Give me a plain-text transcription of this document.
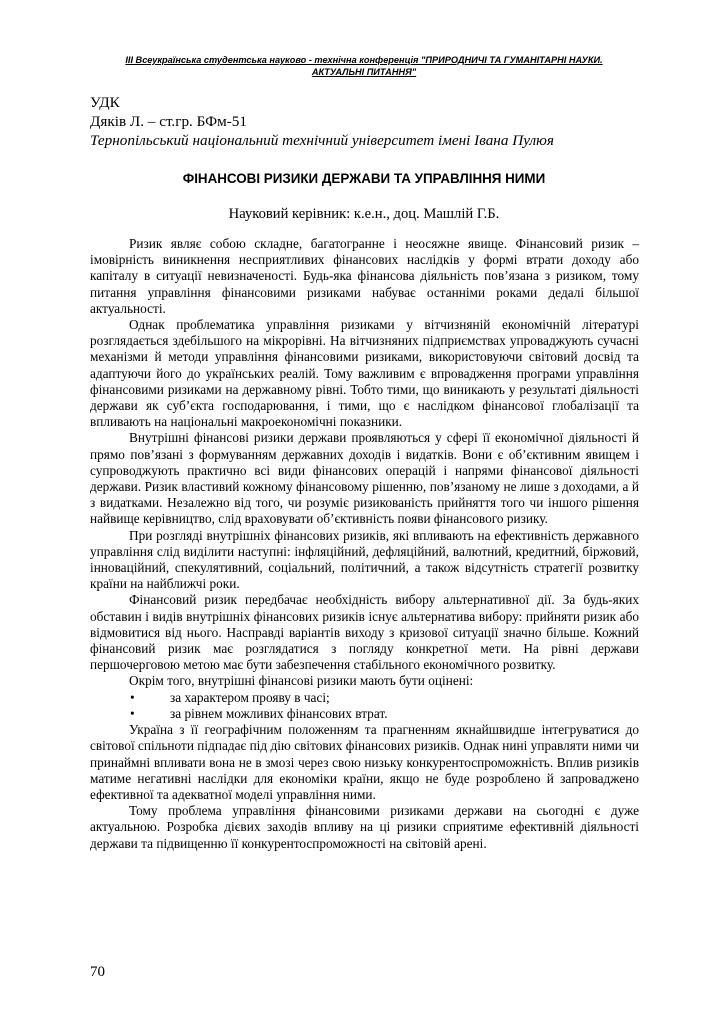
ІІІ Всеукраїнська студентська науково - технічна конференція "ПРИРОДНИЧІ ТА ГУМАНІТАРНІ НАУКИ.
АКТУАЛЬНІ ПИТАННЯ"
УДК
Дяків Л. – ст.гр. БФм-51
Тернопільський національний технічний університет імені Івана Пулюя
ФІНАНСОВІ РИЗИКИ ДЕРЖАВИ ТА УПРАВЛІННЯ НИМИ
Науковий керівник: к.е.н., доц. Машлій Г.Б.

Ризик являє собою складне, багатогранне і неосяжне явище. Фінансовий ризик – імовірність виникнення несприятливих фінансових наслідків у формі втрати доходу або капіталу в ситуації невизначеності. Будь-яка фінансова діяльність пов’язана з ризиком, тому питання управління фінансовими ризиками набуває останніми роками дедалі більшої актуальності.

Однак проблематика управління ризиками у вітчизняній економічній літературі розглядається здебільшого на мікрорівні. На вітчизняних підприємствах упроваджують сучасні механізми й методи управління фінансовими ризиками, використовуючи світовий досвід та адаптуючи його до українських реалій. Тому важливим є впровадження програми управління фінансовими ризиками на державному рівні. Тобто тими, що виникають у результаті діяльності держави як суб’єкта господарювання, і тими, що є наслідком фінансової глобалізації та впливають на національні макроекономічні показники.

Внутрішні фінансові ризики держави проявляються у сфері її економічної діяльності й прямо пов’язані з формуванням державних доходів і видатків. Вони є об’єктивним явищем і супроводжують практично всі види фінансових операцій і напрями фінансової діяльності держави. Ризик властивий кожному фінансовому рішенню, пов’язаному не лише з доходами, а й з видатками. Незалежно від того, чи розуміє ризикованість прийняття того чи іншого рішення найвище керівництво, слід враховувати об’єктивність появи фінансового ризику.

При розгляді внутрішніх фінансових ризиків, які впливають на ефективність державного управління слід виділити наступні: інфляційний, дефляційний, валютний, кредитний, біржовий, інноваційний, спекулятивний, соціальний, політичний, а також відсутність стратегії розвитку країни на найближчі роки.

Фінансовий ризик передбачає необхідність вибору альтернативної дії. За будь-яких обставин і видів внутрішніх фінансових ризиків існує альтернатива вибору: прийняти ризик або відмовитися від нього. Насправді варіантів виходу з кризової ситуації значно більше. Кожний фінансовий ризик має розглядатися з погляду конкретної мети. На рівні держави першочерговою метою має бути забезпечення стабільного економічного розвитку.

Окрім того, внутрішні фінансові ризики мають бути оцінені:

•	за характером прояву в часі;
•	за рівнем можливих фінансових втрат.

Україна з її географічним положенням та прагненням якнайшвидше інтегруватися до світової спільноти підпадає під дію світових фінансових ризиків. Однак нині управляти ними чи принаймні впливати вона не в змозі через свою низьку конкурентоспроможність. Вплив ризиків матиме негативні наслідки для економіки країни, якщо не буде розроблено й запроваджено ефективної та адекватної моделі управління ними.

Тому проблема управління фінансовими ризиками держави на сьогодні є дуже актуальною. Розробка дієвих заходів впливу на ці ризики сприятиме ефективній діяльності держави та підвищенню її конкурентоспроможності на світовій арені.

70
